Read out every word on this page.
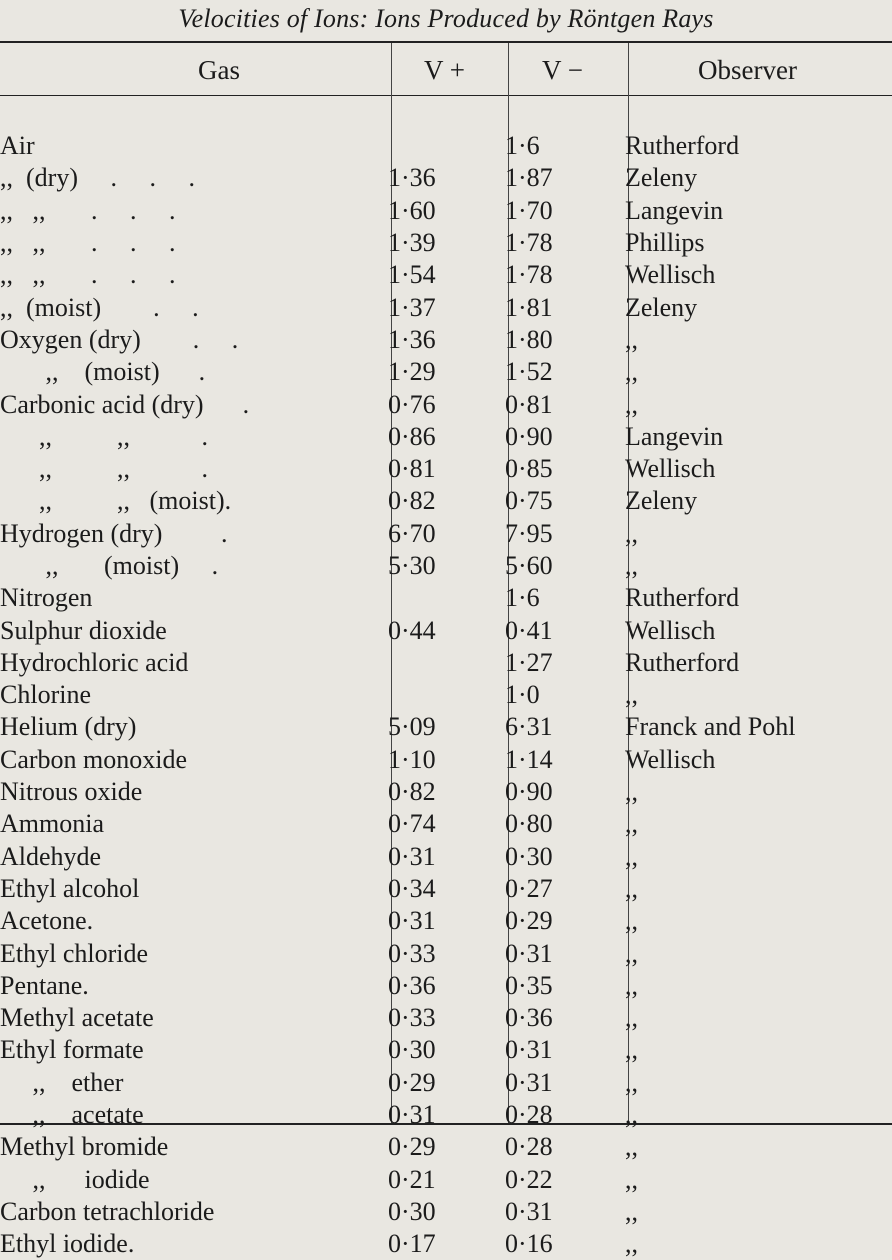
Velocities of Ions: Ions Produced by Röntgen Rays
Gas	V +	V −	Observer
Air		1·6	Rutherford
,,  (dry)     .     .     .	1·36	1·87	Zeleny
,,   ,,       .     .     .	1·60	1·70	Langevin
,,   ,,       .     .     .	1·39	1·78	Phillips
,,   ,,       .     .     .	1·54	1·78	Wellisch
,,  (moist)        .     .	1·37	1·81	Zeleny
Oxygen (dry)        .     .	1·36	1·80	,,
,,    (moist)      .	1·29	1·52	,,
Carbonic acid (dry)      .	0·76	0·81	,,
,,          ,,           .	0·86	0·90	Langevin
,,          ,,           .	0·81	0·85	Wellisch
,,          ,,   (moist).	0·82	0·75	Zeleny
Hydrogen (dry)         .	6·70	7·95	,,
,,       (moist)     .	5·30	5·60	,,
Nitrogen		1·6	Rutherford
Sulphur dioxide	0·44	0·41	Wellisch
Hydrochloric acid		1·27	Rutherford
Chlorine		1·0	,,
Helium (dry)	5·09	6·31	Franck and Pohl
Carbon monoxide	1·10	1·14	Wellisch
Nitrous oxide	0·82	0·90	,,
Ammonia	0·74	0·80	,,
Aldehyde	0·31	0·30	,,
Ethyl alcohol	0·34	0·27	,,
Acetone.	0·31	0·29	,,
Ethyl chloride	0·33	0·31	,,
Pentane.	0·36	0·35	,,
Methyl acetate	0·33	0·36	,,
Ethyl formate	0·30	0·31	,,
,,    ether	0·29	0·31	,,
,,    acetate	0·31	0·28	,,
Methyl bromide	0·29	0·28	,,
,,      iodide	0·21	0·22	,,
Carbon tetrachloride	0·30	0·31	,,
Ethyl iodide.	0·17	0·16	,,
